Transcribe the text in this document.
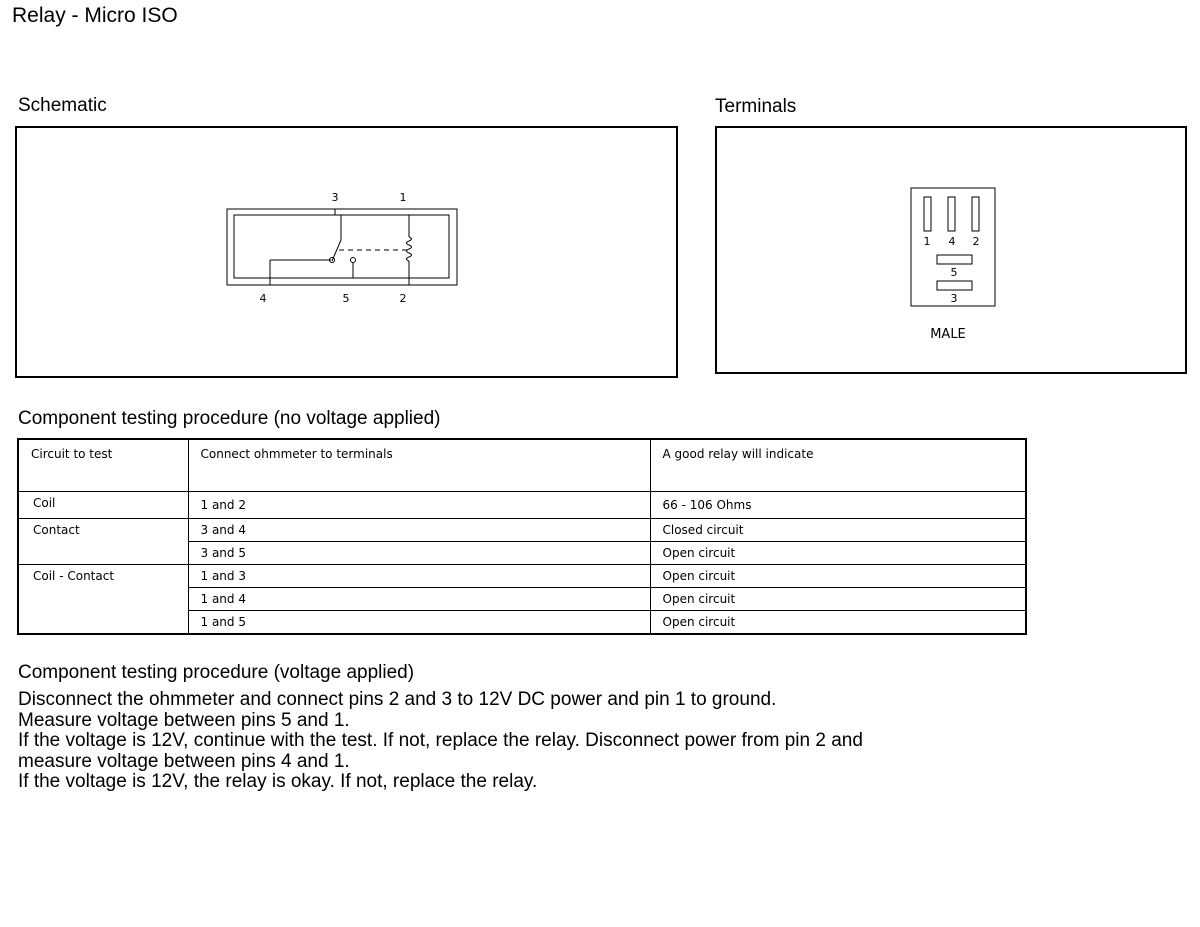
Relay - Micro ISO
Schematic	Terminals
3	1
4	5	2
1 4 2
5
3
MALE
Component testing procedure (no voltage applied)
Circuit to test	Connect ohmmeter to terminals	A good relay will indicate
Coil	1 and 2	66 - 106 Ohms
Contact	3 and 4	Closed circuit
	3 and 5	Open circuit
Coil - Contact	1 and 3	Open circuit
	1 and 4	Open circuit
	1 and 5	Open circuit
Component testing procedure (voltage applied)
Disconnect the ohmmeter and connect pins 2 and 3 to 12V DC power and pin 1 to ground.
Measure voltage between pins 5 and 1.
If the voltage is 12V, continue with the test. If not, replace the relay. Disconnect power from pin 2 and
measure voltage between pins 4 and 1.
If the voltage is 12V, the relay is okay. If not, replace the relay.
